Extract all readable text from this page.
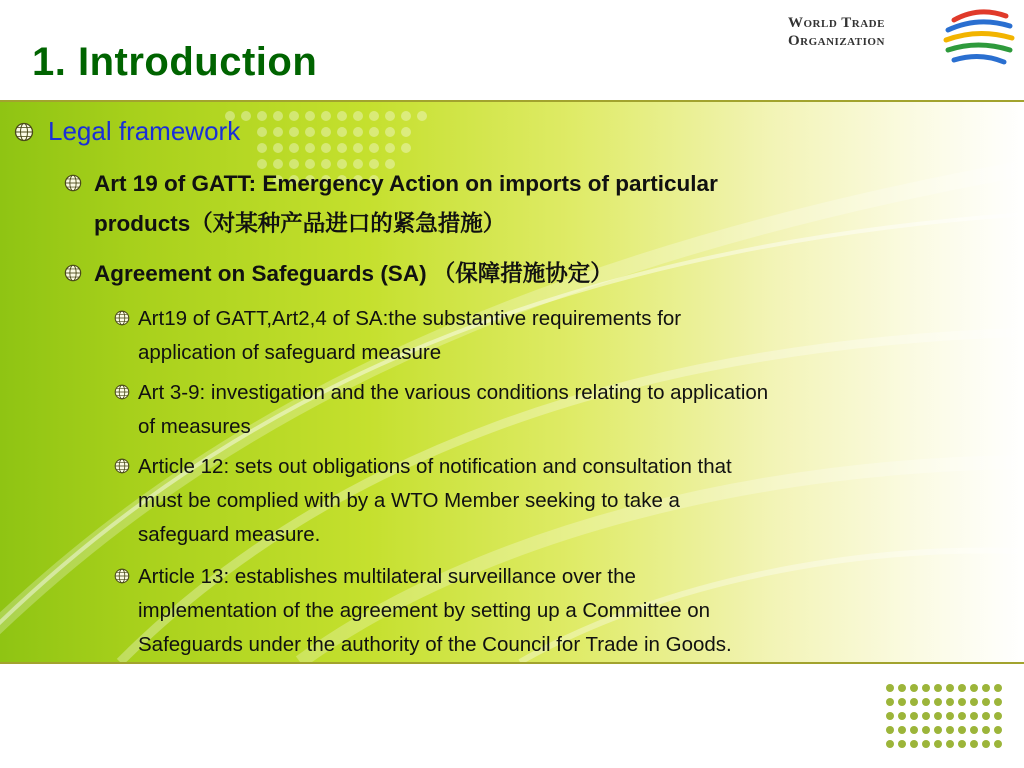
1. Introduction
World Trade
Organization

Legal framework

Art 19 of GATT: Emergency Action on imports of particular

products（对某种产品进口的紧急措施）

Agreement on Safeguards (SA) （保障措施协定）

Art19 of GATT,Art2,4 of SA:the substantive requirements for

application of safeguard measure

Art 3-9: investigation and the various conditions relating to application

of measures

Article 12: sets out obligations of notification and consultation that

must be complied with by a WTO Member seeking to take a

safeguard measure.

Article 13: establishes multilateral surveillance over the

implementation of the agreement by setting up a Committee on

Safeguards under the authority of the Council for Trade in Goods.
